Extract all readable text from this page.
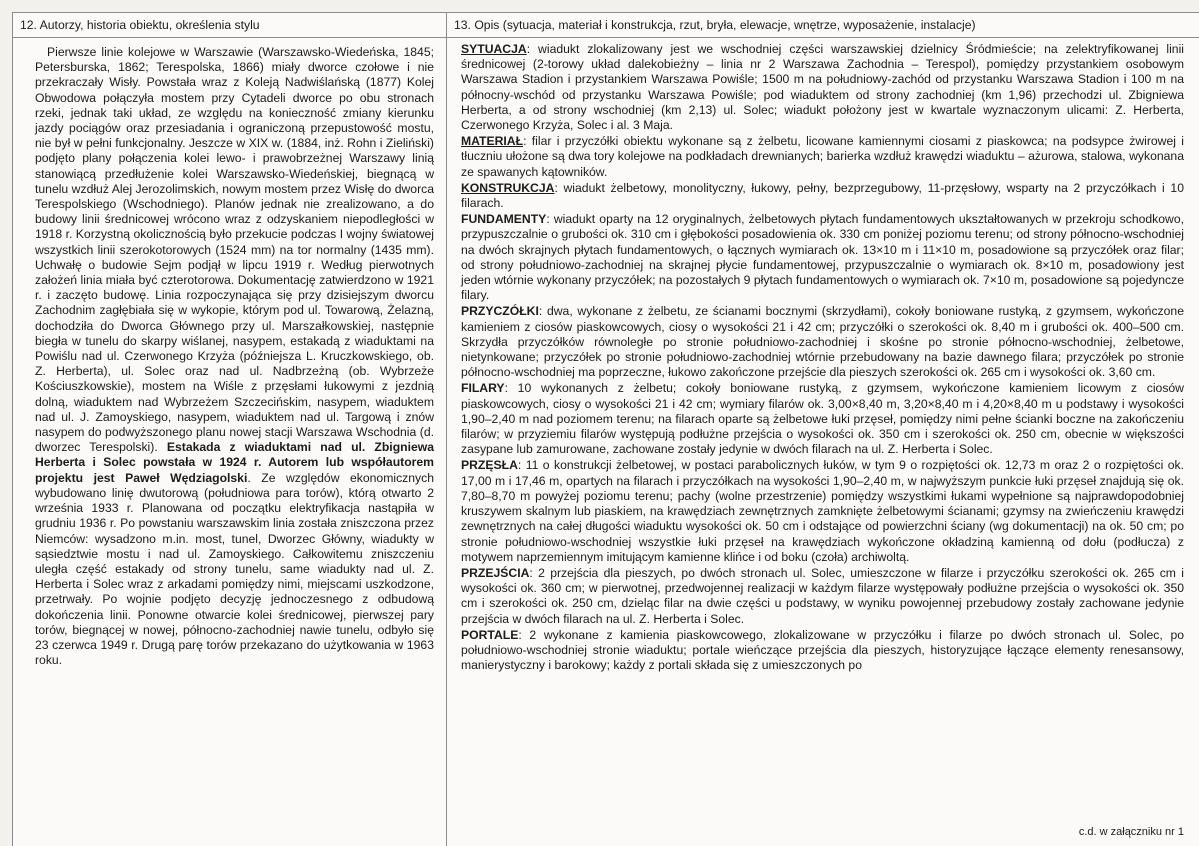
12. Autorzy, historia obiektu, określenia stylu
Pierwsze linie kolejowe w Warszawie (Warszawsko-Wiedeńska, 1845; Petersburska, 1862; Terespolska, 1866) miały dworce czołowe i nie przekraczały Wisły. Powstała wraz z Koleją Nadwiślańską (1877) Kolej Obwodowa połączyła mostem przy Cytadeli dworce po obu stronach rzeki, jednak taki układ, ze względu na konieczność zmiany kierunku jazdy pociągów oraz przesiadania i ograniczoną przepustowość mostu, nie był w pełni funkcjonalny. Jeszcze w XIX w. (1884, inż. Rohn i Zieliński) podjęto plany połączenia kolei lewo- i prawobrzeżnej Warszawy linią stanowiącą przedłużenie kolei Warszawsko-Wiedeńskiej, biegnącą w tunelu wzdłuż Alej Jerozolimskich, nowym mostem przez Wisłę do dworca Terespolskiego (Wschodniego). Planów jednak nie zrealizowano, a do budowy linii średnicowej wrócono wraz z odzyskaniem niepodległości w 1918 r. Korzystną okolicznością było przekucie podczas I wojny światowej wszystkich linii szerokotorowych (1524 mm) na tor normalny (1435 mm). Uchwałę o budowie Sejm podjął w lipcu 1919 r. Według pierwotnych założeń linia miała być czterotorowa. Dokumentację zatwierdzono w 1921 r. i zaczęto budowę. Linia rozpoczynająca się przy dzisiejszym dworcu Zachodnim zagłębiała się w wykopie, którym pod ul. Towarową, Żelazną, dochodziła do Dworca Głównego przy ul. Marszałkowskiej, następnie biegła w tunelu do skarpy wiślanej, nasypem, estakadą z wiaduktami na Powiślu nad ul. Czerwonego Krzyża (późniejsza L. Kruczkowskiego, ob. Z. Herberta), ul. Solec oraz nad ul. Nadbrzeżną (ob. Wybrzeże Kościuszkowskie), mostem na Wiśle z przęsłami łukowymi z jezdnią dolną, wiaduktem nad Wybrzeżem Szczecińskim, nasypem, wiaduktem nad ul. J. Zamoyskiego, nasypem, wiaduktem nad ul. Targową i znów nasypem do podwyższonego planu nowej stacji Warszawa Wschodnia (d. dworzec Terespolski). Estakada z wiaduktami nad ul. Zbigniewa Herberta i Solec powstała w 1924 r. Autorem lub współautorem projektu jest Paweł Wędziagolski. Ze względów ekonomicznych wybudowano linię dwutorową (południowa para torów), którą otwarto 2 września 1933 r. Planowana od początku elektryfikacja nastąpiła w grudniu 1936 r. Po powstaniu warszawskim linia została zniszczona przez Niemców: wysadzono m.in. most, tunel, Dworzec Główny, wiadukty w sąsiedztwie mostu i nad ul. Zamoyskiego. Całkowitemu zniszczeniu uległa część estakady od strony tunelu, same wiadukty nad ul. Z. Herberta i Solec wraz z arkadami pomiędzy nimi, miejscami uszkodzone, przetrwały. Po wojnie podjęto decyzję jednoczesnego z odbudową dokończenia linii. Ponowne otwarcie kolei średnicowej, pierwszej pary torów, biegnącej w nowej, północno-zachodniej nawie tunelu, odbyło się 23 czerwca 1949 r. Drugą parę torów przekazano do użytkowania w 1963 roku.
13. Opis (sytuacja, materiał i konstrukcja, rzut, bryła, elewacje, wnętrze, wyposażenie, instalacje)

SYTUACJA: wiadukt zlokalizowany jest we wschodniej części warszawskiej dzielnicy Śródmieście; na zelektryfikowanej linii średnicowej (2-torowy układ dalekobieżny – linia nr 2 Warszawa Zachodnia – Terespol), pomiędzy przystankiem osobowym Warszawa Stadion i przystankiem Warszawa Powiśle; 1500 m na południowy-zachód od przystanku Warszawa Stadion i 100 m na północny-wschód od przystanku Warszawa Powiśle; pod wiaduktem od strony zachodniej (km 1,96) przechodzi ul. Zbigniewa Herberta, a od strony wschodniej (km 2,13) ul. Solec; wiadukt położony jest w kwartale wyznaczonym ulicami: Z. Herberta, Czerwonego Krzyża, Solec i al. 3 Maja.

MATERIAŁ: filar i przyczółki obiektu wykonane są z żelbetu, licowane kamiennymi ciosami z piaskowca; na podsypce żwirowej i tłuczniu ułożone są dwa tory kolejowe na podkładach drewnianych; barierka wzdłuż krawędzi wiaduktu – ażurowa, stalowa, wykonana ze spawanych kątowników.

KONSTRUKCJA: wiadukt żelbetowy, monolityczny, łukowy, pełny, bezprzegubowy, 11-przęsłowy, wsparty na 2 przyczółkach i 10 filarach.

FUNDAMENTY: wiadukt oparty na 12 oryginalnych, żelbetowych płytach fundamentowych ukształtowanych w przekroju schodkowo, przypuszczalnie o grubości ok. 310 cm i głębokości posadowienia ok. 330 cm poniżej poziomu terenu; od strony północno-wschodniej na dwóch skrajnych płytach fundamentowych, o łącznych wymiarach ok. 13×10 m i 11×10 m, posadowione są przyczółek oraz filar; od strony południowo-zachodniej na skrajnej płycie fundamentowej, przypuszczalnie o wymiarach ok. 8×10 m, posadowiony jest jeden wtórnie wykonany przyczółek; na pozostałych 9 płytach fundamentowych o wymiarach ok. 7×10 m, posadowione są pojedyncze filary.

PRZYCZÓŁKI: dwa, wykonane z żelbetu, ze ścianami bocznymi (skrzydłami), cokoły boniowane rustyką, z gzymsem, wykończone kamieniem z ciosów piaskowcowych, ciosy o wysokości 21 i 42 cm; przyczółki o szerokości ok. 8,40 m i grubości ok. 400–500 cm. Skrzydła przyczółków równoległe po stronie południowo-zachodniej i skośne po stronie północno-wschodniej, żelbetowe, nietynkowane; przyczółek po stronie południowo-zachodniej wtórnie przebudowany na bazie dawnego filara; przyczółek po stronie północno-wschodniej ma poprzeczne, łukowo zakończone przejście dla pieszych szerokości ok. 265 cm i wysokości ok. 3,60 cm.

FILARY: 10 wykonanych z żelbetu; cokoły boniowane rustyką, z gzymsem, wykończone kamieniem licowym z ciosów piaskowcowych, ciosy o wysokości 21 i 42 cm; wymiary filarów ok. 3,00×8,40 m, 3,20×8,40 m i 4,20×8,40 m u podstawy i wysokości 1,90–2,40 m nad poziomem terenu; na filarach oparte są żelbetowe łuki przęseł, pomiędzy nimi pełne ścianki boczne na zakończeniu filarów; w przyziemiu filarów występują podłużne przejścia o wysokości ok. 350 cm i szerokości ok. 250 cm, obecnie w większości zasypane lub zamurowane, zachowane zostały jedynie w dwóch filarach na ul. Z. Herberta i Solec.

PRZĘSŁA: 11 o konstrukcji żelbetowej, w postaci parabolicznych łuków, w tym 9 o rozpiętości ok. 12,73 m oraz 2 o rozpiętości ok. 17,00 m i 17,46 m, opartych na filarach i przyczółkach na wysokości 1,90–2,40 m, w najwyższym punkcie łuki przęseł znajdują się ok. 7,80–8,70 m powyżej poziomu terenu; pachy (wolne przestrzenie) pomiędzy wszystkimi łukami wypełnione są najprawdopodobniej kruszywem skalnym lub piaskiem, na krawędziach zewnętrznych zamknięte żelbetowymi ścianami; gzymsy na zwieńczeniu krawędzi zewnętrznych na całej długości wiaduktu wysokości ok. 50 cm i odstające od powierzchni ściany (wg dokumentacji) na ok. 50 cm; po stronie południowo-wschodniej wszystkie łuki przęseł na krawędziach wykończone okładziną kamienną od dołu (podłucza) z motywem naprzemiennym imitującym kamienne klińce i od boku (czoła) archiwoltą.

PRZEJŚCIA: 2 przejścia dla pieszych, po dwóch stronach ul. Solec, umieszczone w filarze i przyczółku szerokości ok. 265 cm i wysokości ok. 360 cm; w pierwotnej, przedwojennej realizacji w każdym filarze występowały podłużne przejścia o wysokości ok. 350 cm i szerokości ok. 250 cm, dzieląc filar na dwie części u podstawy, w wyniku powojennej przebudowy zostały zachowane jedynie przejścia w dwóch filarach na ul. Z. Herberta i Solec.

PORTALE: 2 wykonane z kamienia piaskowcowego, zlokalizowane w przyczółku i filarze po dwóch stronach ul. Solec, po południowo-wschodniej stronie wiaduktu; portale wieńczące przejścia dla pieszych, historyzujące łączące elementy renesansowy, manierystyczny i barokowy; każdy z portali składa się z umieszczonych po

c.d. w załączniku nr 1
